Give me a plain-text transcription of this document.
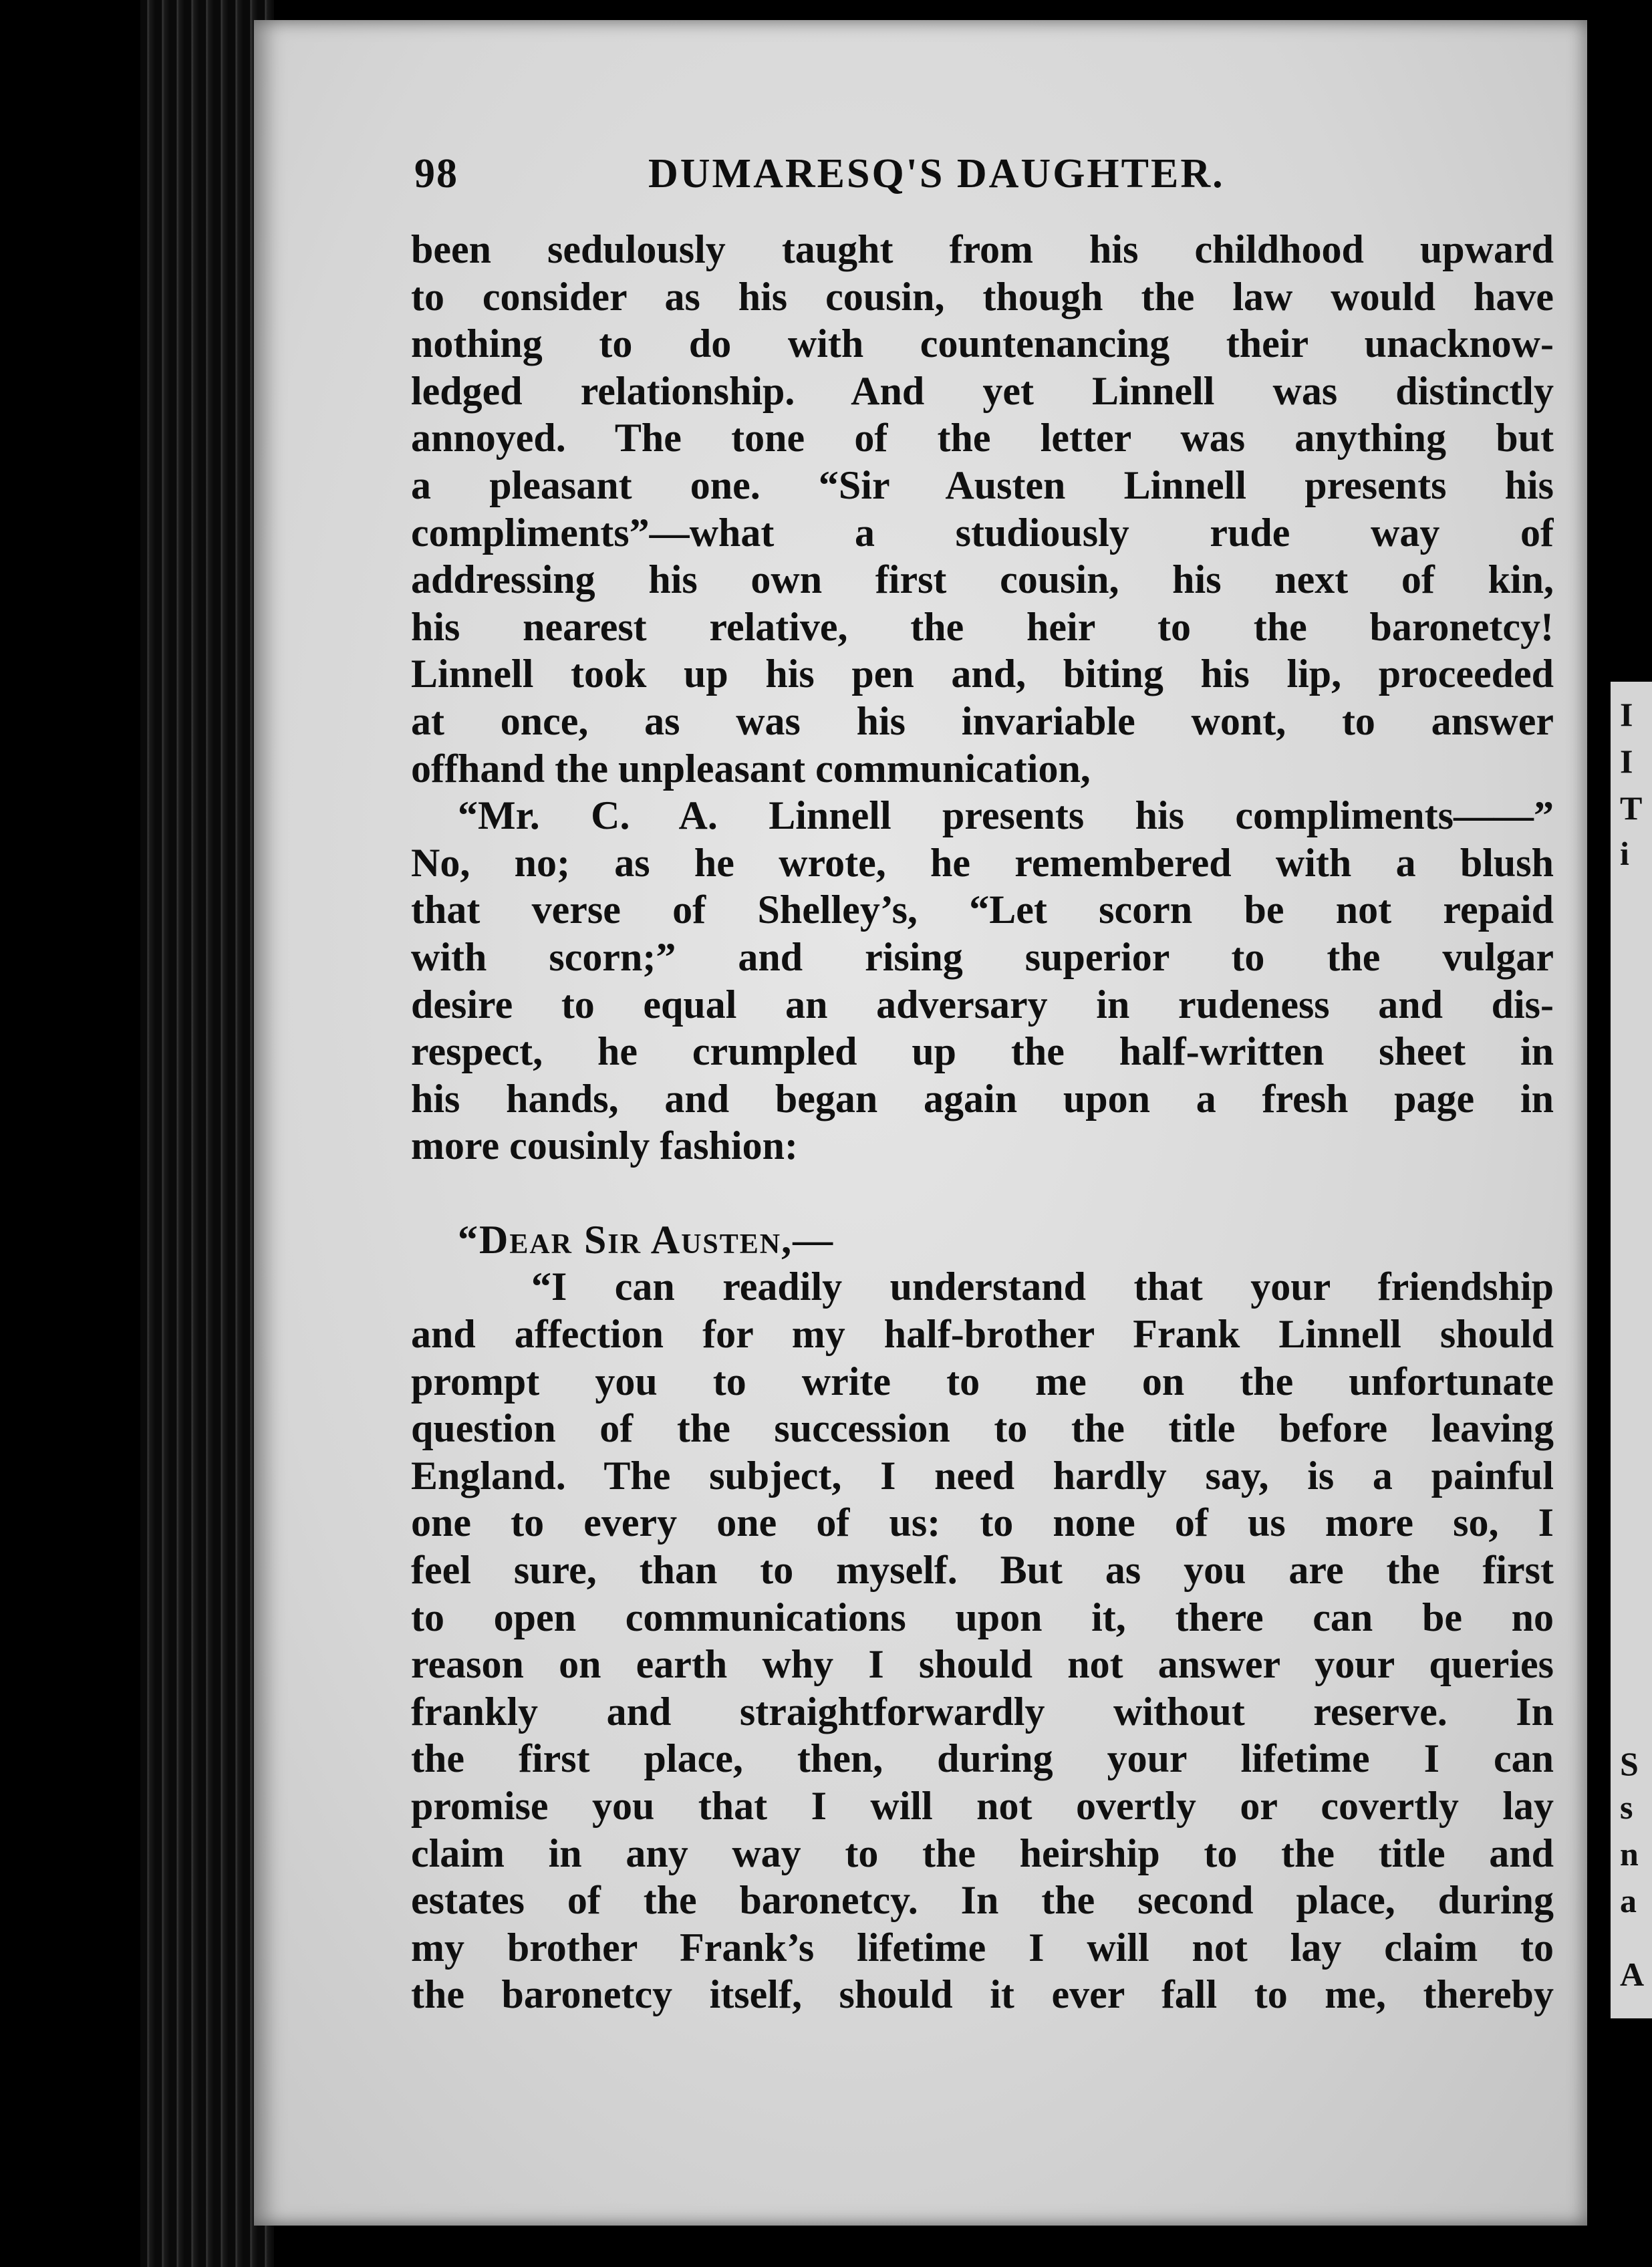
I
I
T
i
S
s
n
a
A
98	DUMARESQ'S DAUGHTER.
been sedulously taught from his childhood upward
to consider as his cousin, though the law would have
nothing to do with countenancing their unacknow-
ledged relationship. And yet Linnell was distinctly
annoyed. The tone of the letter was anything but
a pleasant one. “Sir Austen Linnell presents his
compliments”—what a studiously rude way of
addressing his own first cousin, his next of kin,
his nearest relative, the heir to the baronetcy!
Linnell took up his pen and, biting his lip, proceeded
at once, as was his invariable wont, to answer
offhand the unpleasant communication,
“Mr. C. A. Linnell presents his compliments——”
No, no; as he wrote, he remembered with a blush
that verse of Shelley’s, “Let scorn be not repaid
with scorn;” and rising superior to the vulgar
desire to equal an adversary in rudeness and dis-
respect, he crumpled up the half-written sheet in
his hands, and began again upon a fresh page in
more cousinly fashion:
“Dear Sir Austen,—
“I can readily understand that your friendship
and affection for my half-brother Frank Linnell should
prompt you to write to me on the unfortunate
question of the succession to the title before leaving
England. The subject, I need hardly say, is a painful
one to every one of us: to none of us more so, I
feel sure, than to myself. But as you are the first
to open communications upon it, there can be no
reason on earth why I should not answer your queries
frankly and straightforwardly without reserve. In
the first place, then, during your lifetime I can
promise you that I will not overtly or covertly lay
claim in any way to the heirship to the title and
estates of the baronetcy. In the second place, during
my brother Frank’s lifetime I will not lay claim to
the baronetcy itself, should it ever fall to me, thereby
